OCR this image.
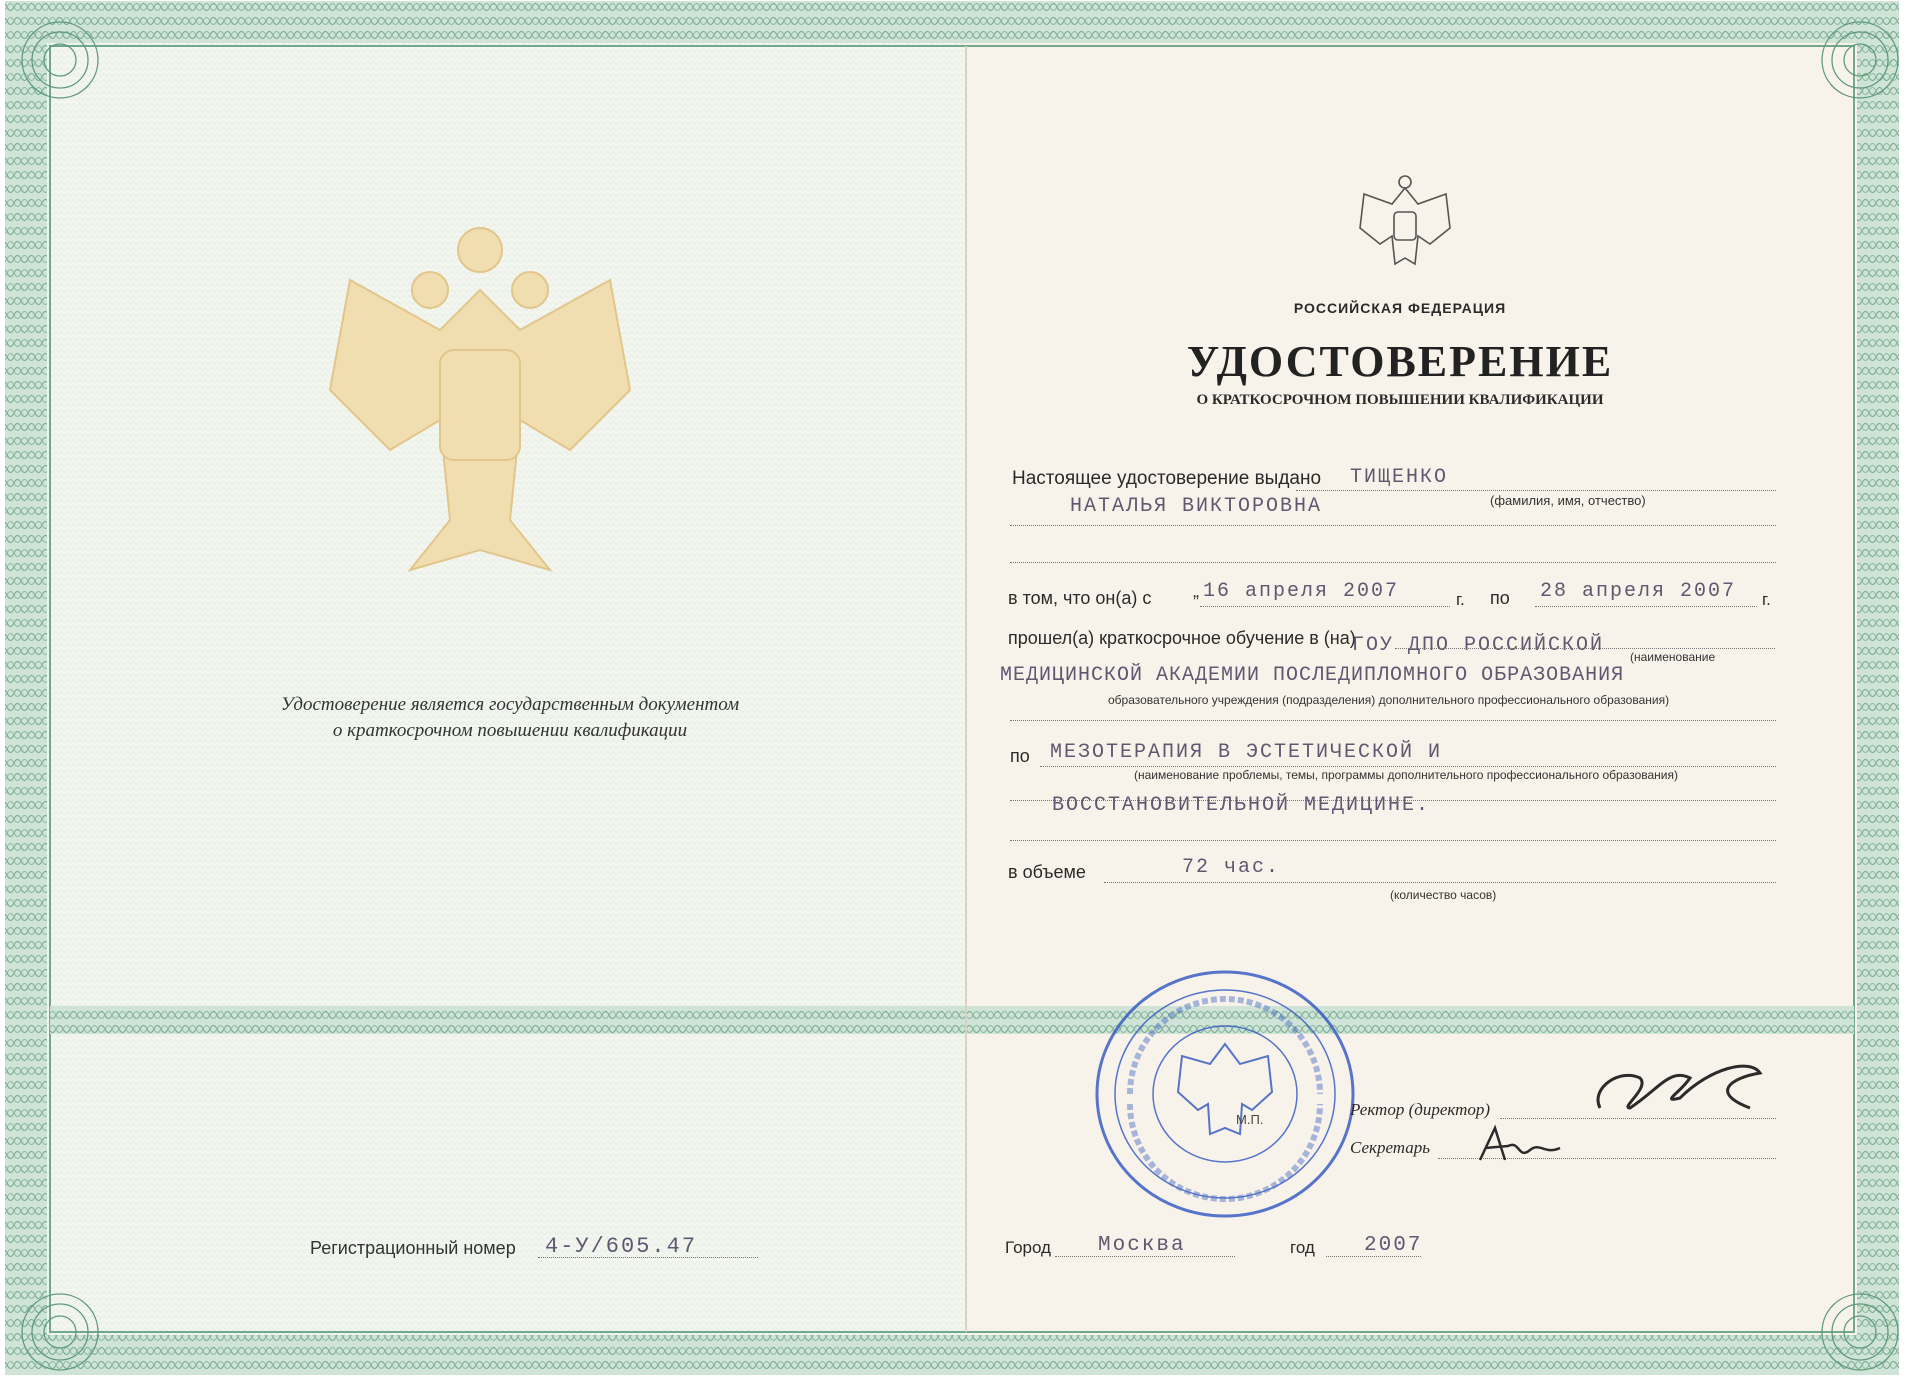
Удостоверение является государственным документом
о краткосрочном повышении квалификации
Регистрационный номер 4-У/605.47
РОССИЙСКАЯ ФЕДЕРАЦИЯ
УДОСТОВЕРЕНИЕ
О КРАТКОСРОЧНОМ ПОВЫШЕНИИ КВАЛИФИКАЦИИ
Настоящее удостоверение выдано ТИЩЕНКО
НАТАЛЬЯ ВИКТОРОВНА	(фамилия, имя, отчество)
в том, что он(а) с „ 16 апреля 2007	г. по 28 апреля 2007 г.
прошел(а) краткосрочное обучение в (на)
ГОУ ДПО РОССИЙСКОЙ (наименование
МЕДИЦИНСКОЙ АКАДЕМИИ ПОСЛЕДИПЛОМНОГО ОБРАЗОВАНИЯ
образовательного учреждения (подразделения) дополнительного профессионального образования)
по МЕЗОТЕРАПИЯ В ЭСТЕТИЧЕСКОЙ И
(наименование проблемы, темы, программы дополнительного профессионального образования)
ВОССТАНОВИТЕЛЬНОЙ МЕДИЦИНЕ.
в объеме	72 час.
(количество часов)
М.П.
Ректор (директор)
Секретарь
Город Москва	год 2007
